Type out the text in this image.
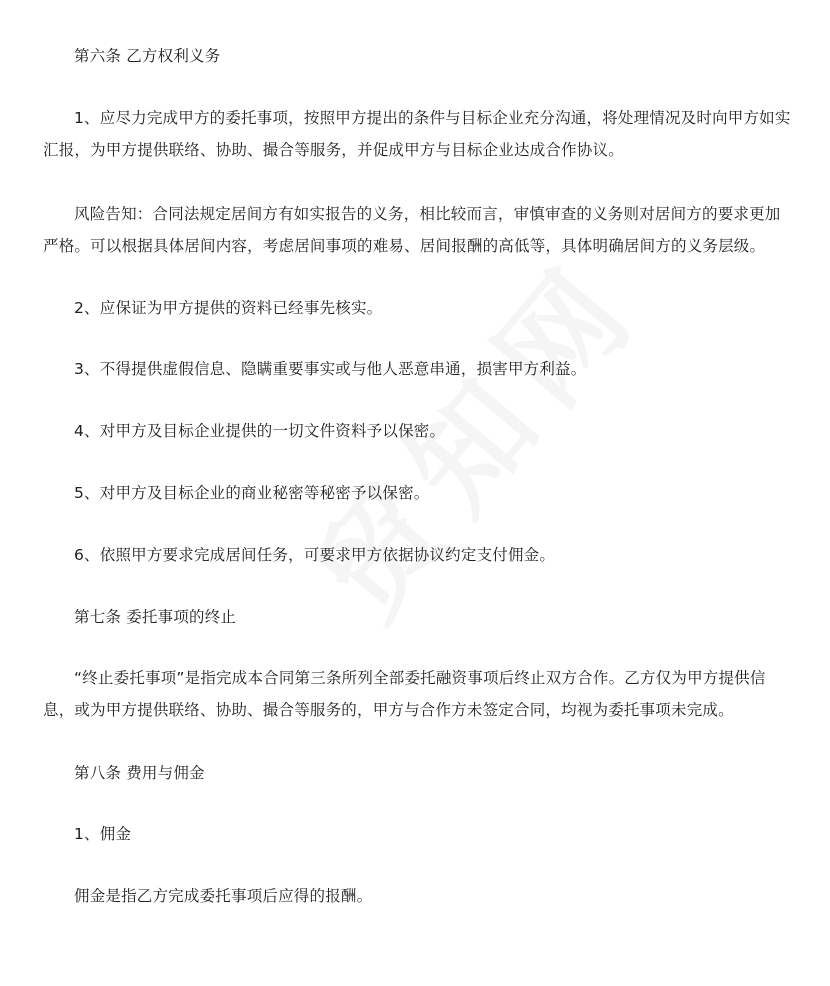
第六条 乙方权利义务

1、应尽力完成甲方的委托事项，按照甲方提出的条件与目标企业充分沟通，将处理情况及时向甲方如实汇报，为甲方提供联络、协助、撮合等服务，并促成甲方与目标企业达成合作协议。

风险告知：合同法规定居间方有如实报告的义务，相比较而言，审慎审查的义务则对居间方的要求更加严格。可以根据具体居间内容，考虑居间事项的难易、居间报酬的高低等，具体明确居间方的义务层级。

2、应保证为甲方提供的资料已经事先核实。

3、不得提供虚假信息、隐瞒重要事实或与他人恶意串通，损害甲方利益。

4、对甲方及目标企业提供的一切文件资料予以保密。

5、对甲方及目标企业的商业秘密等秘密予以保密。

6、依照甲方要求完成居间任务，可要求甲方依据协议约定支付佣金。

第七条 委托事项的终止

“终止委托事项”是指完成本合同第三条所列全部委托融资事项后终止双方合作。乙方仅为甲方提供信息，或为甲方提供联络、协助、撮合等服务的，甲方与合作方未签定合同，均视为委托事项未完成。

第八条 费用与佣金

1、佣金

佣金是指乙方完成委托事项后应得的报酬。
